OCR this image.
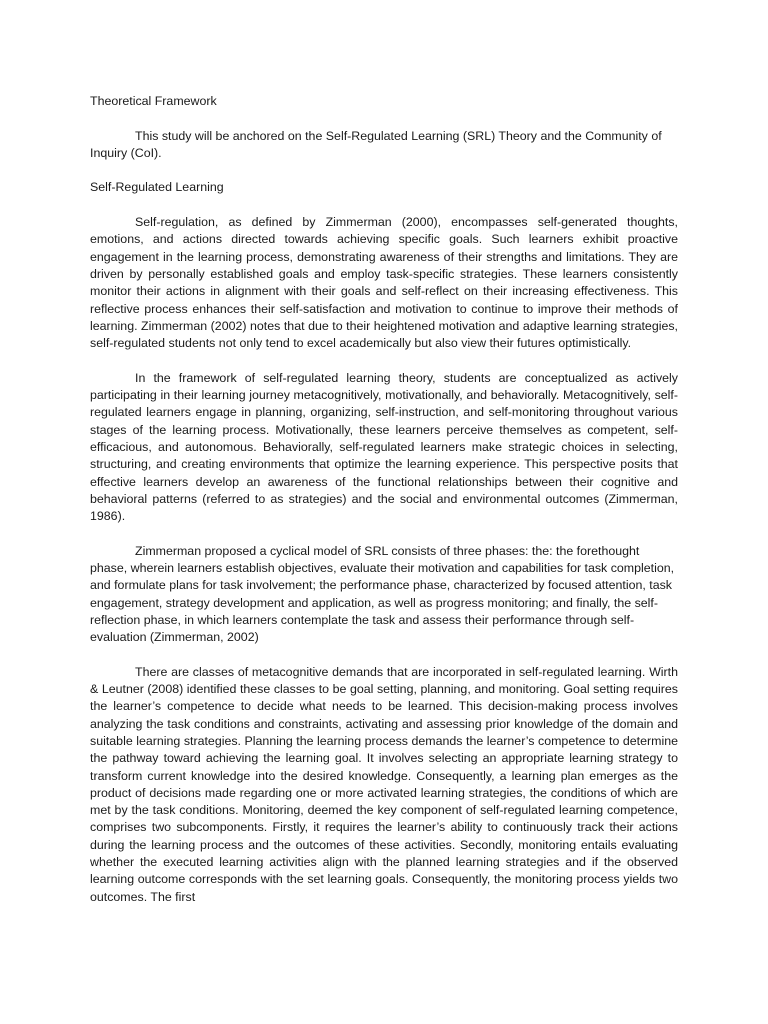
Theoretical Framework

This study will be anchored on the Self-Regulated Learning (SRL) Theory and the Community of Inquiry (CoI).

Self-Regulated Learning

Self-regulation, as defined by Zimmerman (2000), encompasses self-generated thoughts, emotions, and actions directed towards achieving specific goals. Such learners exhibit proactive engagement in the learning process, demonstrating awareness of their strengths and limitations. They are driven by personally established goals and employ task-specific strategies. These learners consistently monitor their actions in alignment with their goals and self-reflect on their increasing effectiveness. This reflective process enhances their self-satisfaction and motivation to continue to improve their methods of learning. Zimmerman (2002) notes that due to their heightened motivation and adaptive learning strategies, self-regulated students not only tend to excel academically but also view their futures optimistically.

In the framework of self-regulated learning theory, students are conceptualized as actively participating in their learning journey metacognitively, motivationally, and behaviorally. Metacognitively, self-regulated learners engage in planning, organizing, self-instruction, and self-monitoring throughout various stages of the learning process. Motivationally, these learners perceive themselves as competent, self-efficacious, and autonomous. Behaviorally, self-regulated learners make strategic choices in selecting, structuring, and creating environments that optimize the learning experience. This perspective posits that effective learners develop an awareness of the functional relationships between their cognitive and behavioral patterns (referred to as strategies) and the social and environmental outcomes (Zimmerman, 1986).

Zimmerman proposed a cyclical model of SRL consists of three phases: the: the forethought phase, wherein learners establish objectives, evaluate their motivation and capabilities for task completion, and formulate plans for task involvement; the performance phase, characterized by focused attention, task engagement, strategy development and application, as well as progress monitoring; and finally, the self-reflection phase, in which learners contemplate the task and assess their performance through self-evaluation (Zimmerman, 2002)

There are classes of metacognitive demands that are incorporated in self-regulated learning. Wirth & Leutner (2008) identified these classes to be goal setting, planning, and monitoring. Goal setting requires the learner’s competence to decide what needs to be learned. This decision-making process involves analyzing the task conditions and constraints, activating and assessing prior knowledge of the domain and suitable learning strategies. Planning the learning process demands the learner’s competence to determine the pathway toward achieving the learning goal. It involves selecting an appropriate learning strategy to transform current knowledge into the desired knowledge. Consequently, a learning plan emerges as the product of decisions made regarding one or more activated learning strategies, the conditions of which are met by the task conditions. Monitoring, deemed the key component of self-regulated learning competence, comprises two subcomponents. Firstly, it requires the learner’s ability to continuously track their actions during the learning process and the outcomes of these activities. Secondly, monitoring entails evaluating whether the executed learning activities align with the planned learning strategies and if the observed learning outcome corresponds with the set learning goals. Consequently, the monitoring process yields two outcomes. The first
